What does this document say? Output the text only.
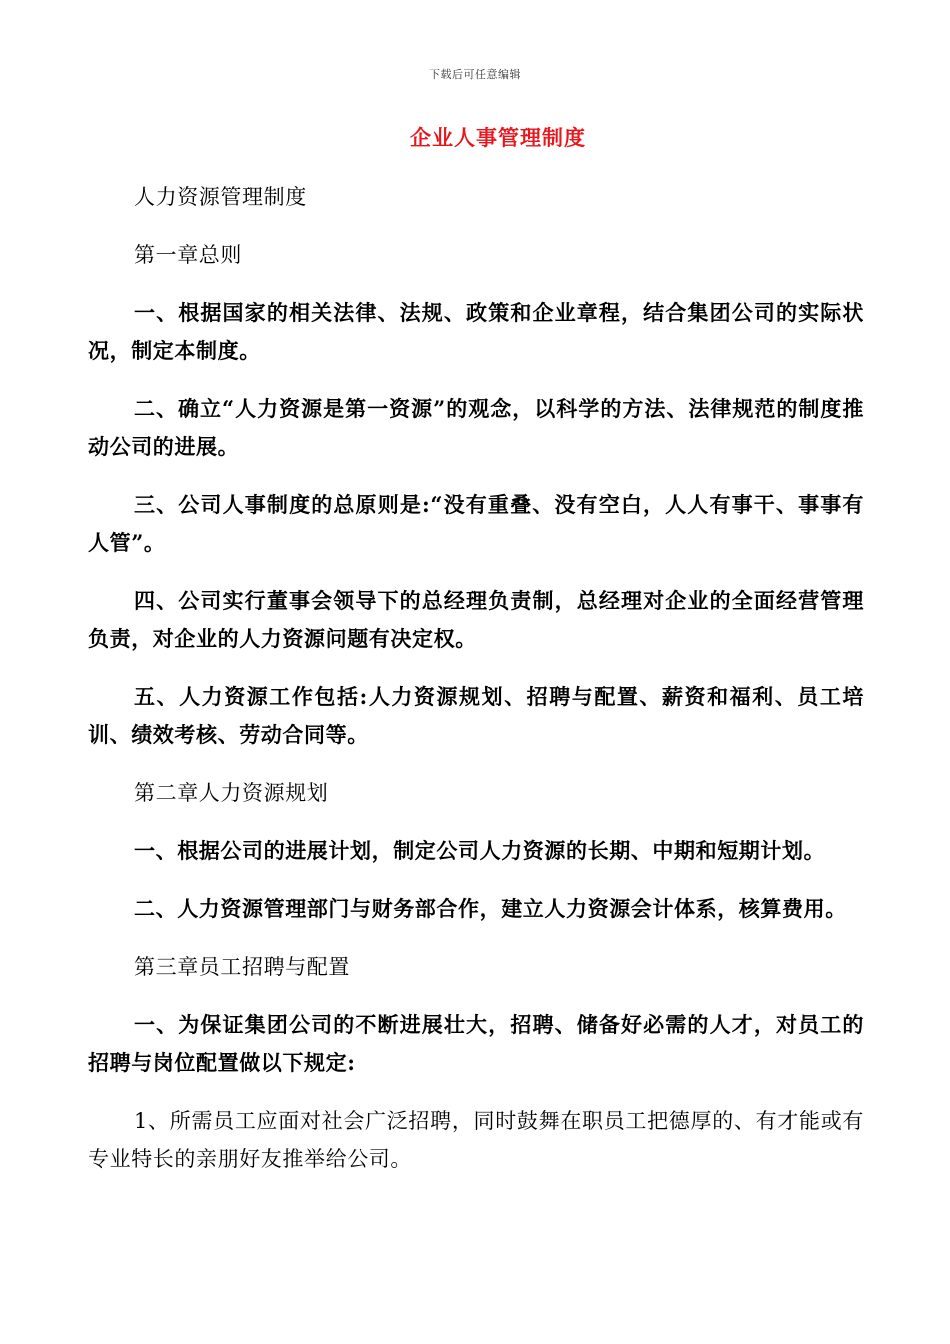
下载后可任意编辑
企业人事管理制度

人力资源管理制度

第一章总则

一、根据国家的相关法律、法规、政策和企业章程，结合集团公司的实际状况，制定本制度。

二、确立“人力资源是第一资源”的观念，以科学的方法、法律规范的制度推动公司的进展。

三、公司人事制度的总原则是:“没有重叠、没有空白，人人有事干、事事有人管”。

四、公司实行董事会领导下的总经理负责制，总经理对企业的全面经营管理负责，对企业的人力资源问题有决定权。

五、人力资源工作包括:人力资源规划、招聘与配置、薪资和福利、员工培训、绩效考核、劳动合同等。

第二章人力资源规划

一、根据公司的进展计划，制定公司人力资源的长期、中期和短期计划。

二、人力资源管理部门与财务部合作，建立人力资源会计体系，核算费用。

第三章员工招聘与配置

一、为保证集团公司的不断进展壮大，招聘、储备好必需的人才，对员工的招聘与岗位配置做以下规定:

1、所需员工应面对社会广泛招聘，同时鼓舞在职员工把德厚的、有才能或有专业特长的亲朋好友推举给公司。
